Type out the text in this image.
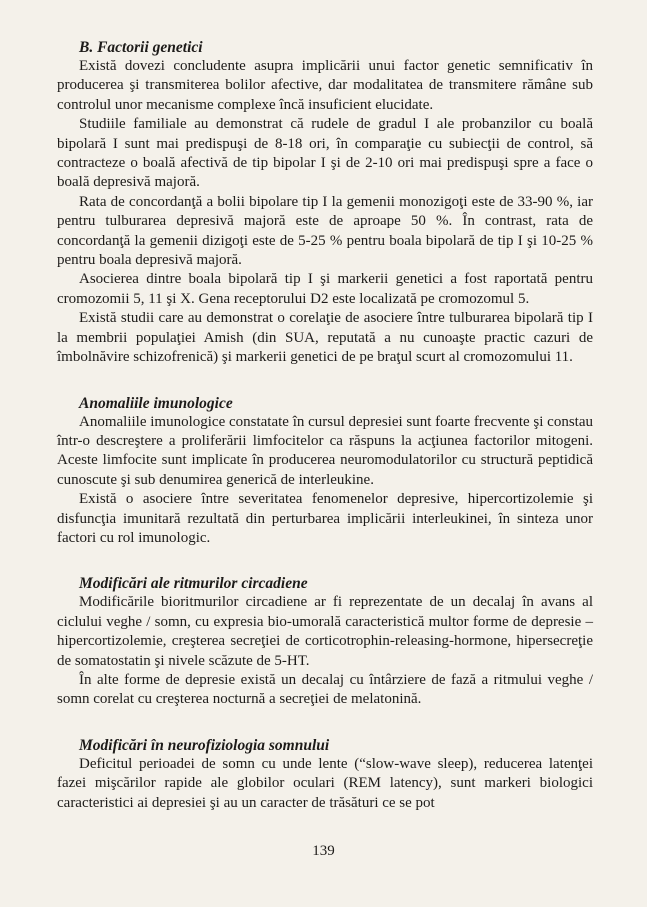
B. Factorii genetici

Există dovezi concludente asupra implicării unui factor genetic semnificativ în producerea şi transmiterea bolilor afective, dar modalitatea de transmitere rămâne sub controlul unor mecanisme complexe încă insuficient elucidate.

Studiile familiale au demonstrat că rudele de gradul I ale probanzilor cu boală bipolară I sunt mai predispuşi de 8-18 ori, în comparaţie cu subiecţii de control, să contracteze o boală afectivă de tip bipolar I şi de 2-10 ori mai predispuşi spre a face o boală depresivă majoră.

Rata de concordanţă a bolii bipolare tip I la gemenii monozigoţi este de 33-90 %, iar pentru tulburarea depresivă majoră este de aproape 50 %. În contrast, rata de concordanţă la gemenii dizigoţi este de 5-25 % pentru boala bipolară de tip I şi 10-25 % pentru boala depresivă majoră.

Asocierea dintre boala bipolară tip I şi markerii genetici a fost raportată pentru cromozomii 5, 11 şi X. Gena receptorului D2 este localizată pe cromozomul 5.

Există studii care au demonstrat o corelaţie de asociere între tulburarea bipolară tip I la membrii populaţiei Amish (din SUA, reputată a nu cunoaşte practic cazuri de îmbolnăvire schizofrenică) şi markerii genetici de pe braţul scurt al cromozomului 11.

Anomaliile imunologice

Anomaliile imunologice constatate în cursul depresiei sunt foarte frecvente şi constau într-o descreştere a proliferării limfocitelor ca răspuns la acţiunea factorilor mitogeni. Aceste limfocite sunt implicate în producerea neuromodulatorilor cu structură peptidică cunoscute şi sub denumirea generică de interleukine.

Există o asociere între severitatea fenomenelor depresive, hipercortizolemie şi disfuncţia imunitară rezultată din perturbarea implicării interleukinei, în sinteza unor factori cu rol imunologic.

Modificări ale ritmurilor circadiene

Modificările bioritmurilor circadiene ar fi reprezentate de un decalaj în avans al ciclului veghe / somn, cu expresia bio-umorală caracteristică multor forme de depresie – hipercortizolemie, creşterea secreţiei de corticotrophin-releasing-hormone, hipersecreţie de somatostatin şi nivele scăzute de 5-HT.

În alte forme de depresie există un decalaj cu întârziere de fază a ritmului veghe / somn corelat cu creşterea nocturnă a secreţiei de melatonină.

Modificări în neurofiziologia somnului

Deficitul perioadei de somn cu unde lente (“slow-wave sleep), reducerea latenţei fazei mişcărilor rapide ale globilor oculari (REM latency), sunt markeri biologici caracteristici ai depresiei şi au un caracter de trăsături ce se pot

139
